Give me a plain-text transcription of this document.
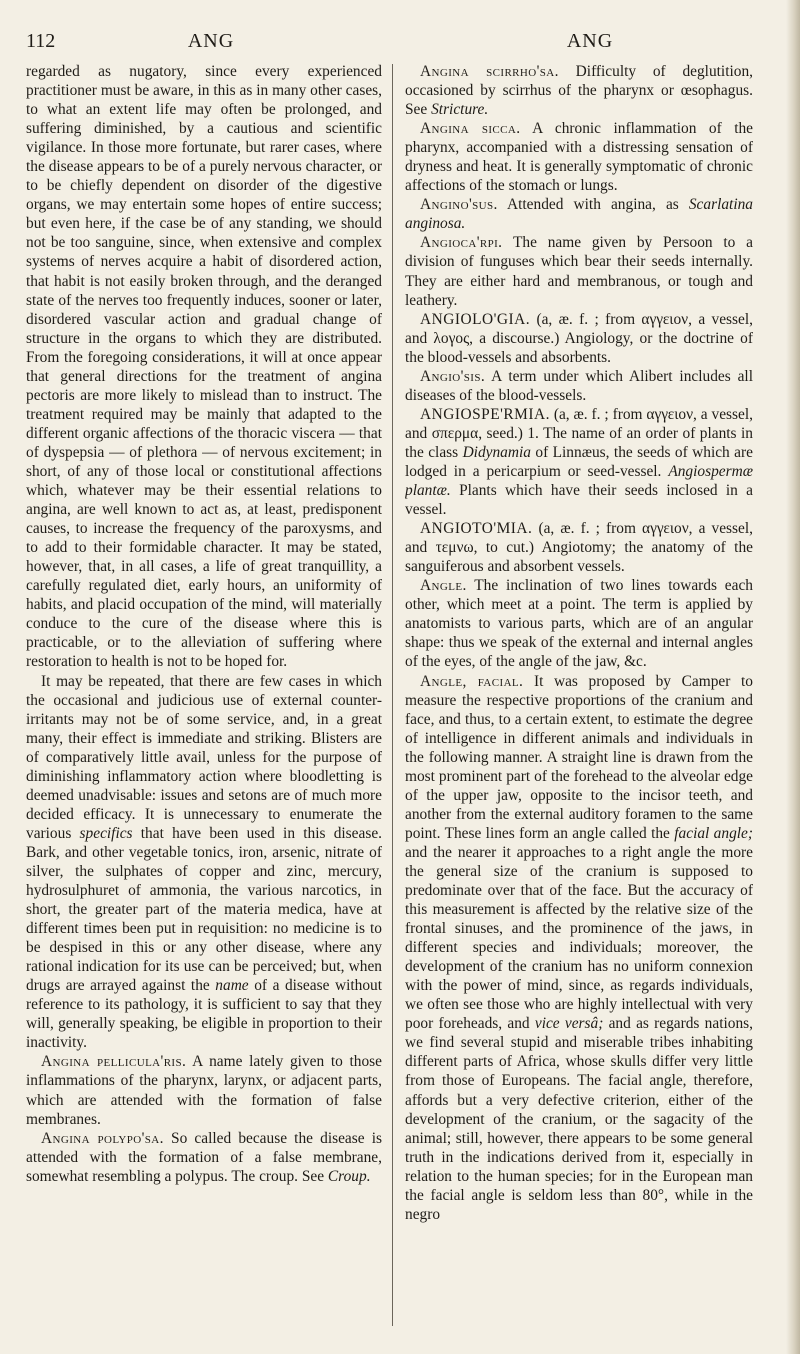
112	ANG	ANG

regarded as nugatory, since every experienced practitioner must be aware, in this as in many other cases, to what an extent life may often be prolonged, and suffering diminished, by a cautious and scientific vigilance. In those more fortunate, but rarer cases, where the disease appears to be of a purely nervous character, or to be chiefly dependent on disorder of the digestive organs, we may entertain some hopes of entire success; but even here, if the case be of any standing, we should not be too sanguine, since, when extensive and complex systems of nerves acquire a habit of disordered action, that habit is not easily broken through, and the deranged state of the nerves too frequently induces, sooner or later, disordered vascular action and gradual change of structure in the organs to which they are distributed. From the foregoing considerations, it will at once appear that general directions for the treatment of angina pectoris are more likely to mislead than to instruct. The treatment required may be mainly that adapted to the different organic affections of the thoracic viscera — that of dyspepsia — of plethora — of nervous excitement; in short, of any of those local or constitutional affections which, whatever may be their essential relations to angina, are well known to act as, at least, predisponent causes, to increase the frequency of the paroxysms, and to add to their formidable character. It may be stated, however, that, in all cases, a life of great tranquillity, a carefully regulated diet, early hours, an uniformity of habits, and placid occupation of the mind, will materially conduce to the cure of the disease where this is practicable, or to the alleviation of suffering where restoration to health is not to be hoped for.

It may be repeated, that there are few cases in which the occasional and judicious use of external counter-irritants may not be of some service, and, in a great many, their effect is immediate and striking. Blisters are of comparatively little avail, unless for the purpose of diminishing inflammatory action where bloodletting is deemed unadvisable: issues and setons are of much more decided efficacy. It is unnecessary to enumerate the various specifics that have been used in this disease. Bark, and other vegetable tonics, iron, arsenic, nitrate of silver, the sulphates of copper and zinc, mercury, hydrosulphuret of ammonia, the various narcotics, in short, the greater part of the materia medica, have at different times been put in requisition: no medicine is to be despised in this or any other disease, where any rational indication for its use can be perceived; but, when drugs are arrayed against the name of a disease without reference to its pathology, it is sufficient to say that they will, generally speaking, be eligible in proportion to their inactivity.

Angina pellicula'ris. A name lately given to those inflammations of the pharynx, larynx, or adjacent parts, which are attended with the formation of false membranes.

Angina polypo'sa. So called because the disease is attended with the formation of a false membrane, somewhat resembling a polypus. The croup. See Croup.

Angina scirrho'sa. Difficulty of deglutition, occasioned by scirrhus of the pharynx or œsophagus. See Stricture.

Angina sicca. A chronic inflammation of the pharynx, accompanied with a distressing sensation of dryness and heat. It is generally symptomatic of chronic affections of the stomach or lungs.

Angino'sus. Attended with angina, as Scarlatina anginosa.

Angioca'rpi. The name given by Persoon to a division of funguses which bear their seeds internally. They are either hard and membranous, or tough and leathery.

ANGIOLO'GIA. (a, æ. f. ; from αγγειον, a vessel, and λογος, a discourse.) Angiology, or the doctrine of the blood-vessels and absorbents.

Angio'sis. A term under which Alibert includes all diseases of the blood-vessels.

ANGIOSPE'RMIA. (a, æ. f. ; from αγγειον, a vessel, and σπερμα, seed.) 1. The name of an order of plants in the class Didynamia of Linnæus, the seeds of which are lodged in a pericarpium or seed-vessel. Angiospermæ plantæ. Plants which have their seeds inclosed in a vessel.

ANGIOTO'MIA. (a, æ. f. ; from αγγειον, a vessel, and τεμνω, to cut.) Angiotomy; the anatomy of the sanguiferous and absorbent vessels.

Angle. The inclination of two lines towards each other, which meet at a point. The term is applied by anatomists to various parts, which are of an angular shape: thus we speak of the external and internal angles of the eyes, of the angle of the jaw, &c.

Angle, facial. It was proposed by Camper to measure the respective proportions of the cranium and face, and thus, to a certain extent, to estimate the degree of intelligence in different animals and individuals in the following manner. A straight line is drawn from the most prominent part of the forehead to the alveolar edge of the upper jaw, opposite to the incisor teeth, and another from the external auditory foramen to the same point. These lines form an angle called the facial angle; and the nearer it approaches to a right angle the more the general size of the cranium is supposed to predominate over that of the face. But the accuracy of this measurement is affected by the relative size of the frontal sinuses, and the prominence of the jaws, in different species and individuals; moreover, the development of the cranium has no uniform connexion with the power of mind, since, as regards individuals, we often see those who are highly intellectual with very poor foreheads, and vice versâ; and as regards nations, we find several stupid and miserable tribes inhabiting different parts of Africa, whose skulls differ very little from those of Europeans. The facial angle, therefore, affords but a very defective criterion, either of the development of the cranium, or the sagacity of the animal; still, however, there appears to be some general truth in the indications derived from it, especially in relation to the human species; for in the European man the facial angle is seldom less than 80°, while in the negro
